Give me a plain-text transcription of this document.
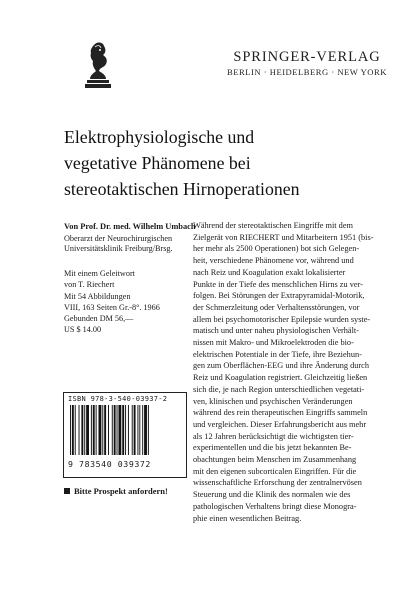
SPRINGER-VERLAG
BERLIN · HEIDELBERG · NEW YORK
Elektrophysiologische und
vegetative Phänomene bei
stereotaktischen Hirnoperationen
Von Prof. Dr. med. Wilhelm Umbach
Oberarzt der Neurochirurgischen
Universitätsklinik Freiburg/Brsg.
Mit einem Geleitwort
von T. Riechert
Mit 54 Abbildungen
VIII, 163 Seiten Gr.-8°. 1966
Gebunden DM 56,—
US $ 14.00
Während der stereotaktischen Eingriffe mit dem
Zielgerät von RIECHERT und Mitarbeitern 1951 (bis-
her mehr als 2500 Operationen) bot sich Gelegen-
heit, verschiedene Phänomene vor, während und
nach Reiz und Koagulation exakt lokalisierter
Punkte in der Tiefe des menschlichen Hirns zu ver-
folgen. Bei Störungen der Extrapyramidal-Motorik,
der Schmerzleitung oder Verhaltensstörungen, vor
allem bei psychomotorischer Epilepsie wurden syste-
matisch und unter naheu physiologischen Verhält-
nissen mit Makro- und Mikroelektroden die bio-
elektrischen Potentiale in der Tiefe, ihre Beziehun-
gen zum Oberflächen-EEG und ihre Änderung durch
Reiz und Koagulation registriert. Gleichzeitig ließen
sich die, je nach Region unterschiedlichen vegetati-
ven, klinischen und psychischen Veränderungen
während des rein therapeutischen Eingriffs sammeln
und vergleichen. Dieser Erfahrungsbericht aus mehr
als 12 Jahren berücksichtigt die wichtigsten tier-
experimentellen und die bis jetzt bekannten Be-
obachtungen beim Menschen im Zusammenhang
mit den eigenen subcorticalen Eingriffen. Für die
wissenschaftliche Erforschung der zentralnervösen
Steuerung und die Klinik des normalen wie des
pathologischen Verhaltens bringt diese Monogra-
phie einen wesentlichen Beitrag.
ISBN 978-3-540-03937-2
9 783540 039372
Bitte Prospekt anfordern!
